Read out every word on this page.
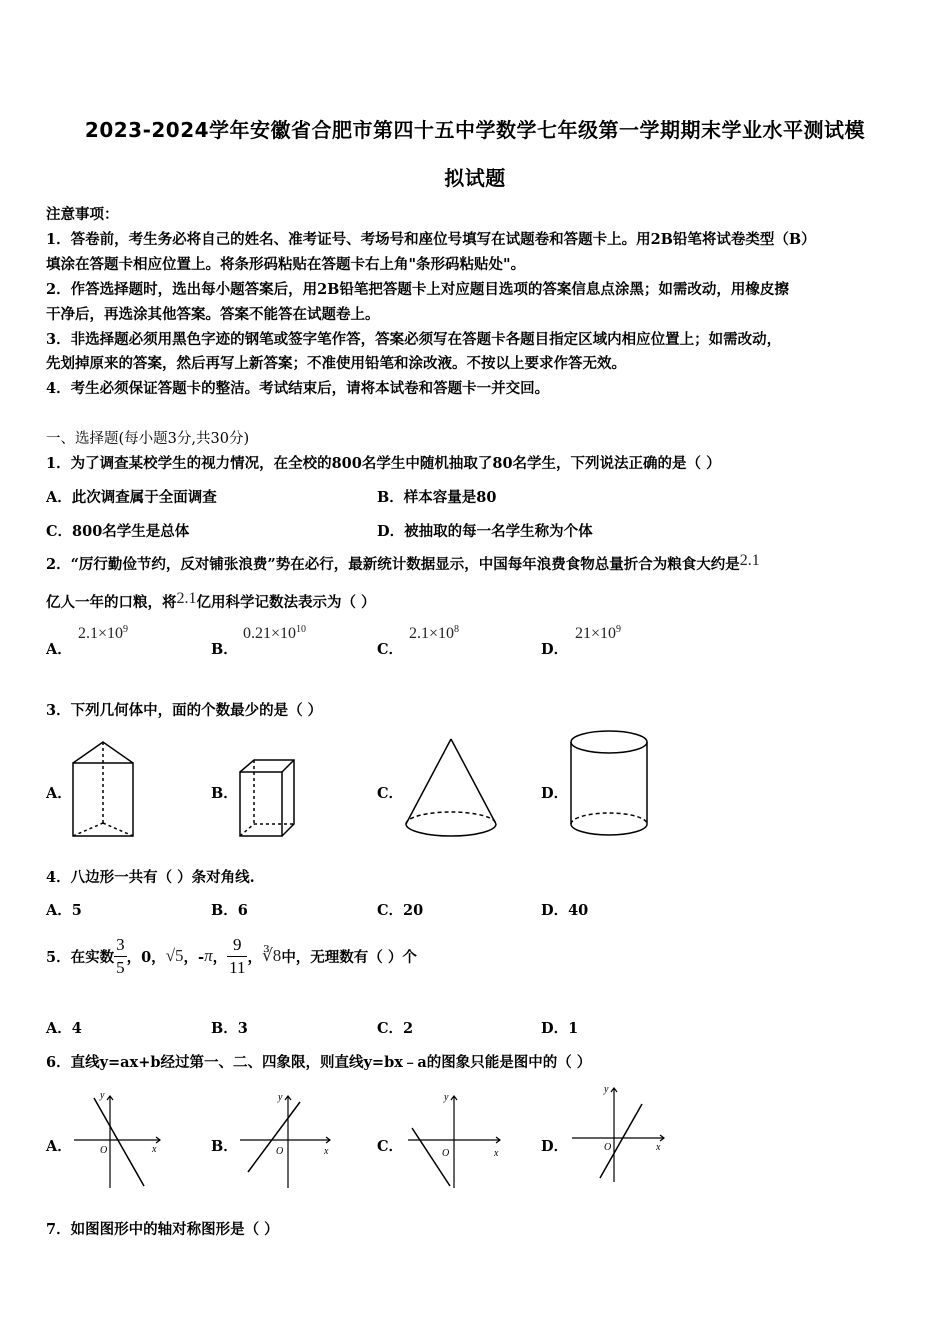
2023-2024学年安徽省合肥市第四十五中学数学七年级第一学期期末学业水平测试模
拟试题
注意事项：
1．答卷前，考生务必将自己的姓名、准考证号、考场号和座位号填写在试题卷和答题卡上。用2B铅笔将试卷类型（B）
填涂在答题卡相应位置上。将条形码粘贴在答题卡右上角"条形码粘贴处"。
2．作答选择题时，选出每小题答案后，用2B铅笔把答题卡上对应题目选项的答案信息点涂黑；如需改动，用橡皮擦
干净后，再选涂其他答案。答案不能答在试题卷上。
3．非选择题必须用黑色字迹的钢笔或签字笔作答，答案必须写在答题卡各题目指定区域内相应位置上；如需改动，
先划掉原来的答案，然后再写上新答案；不准使用铅笔和涂改液。不按以上要求作答无效。
4．考生必须保证答题卡的整洁。考试结束后，请将本试卷和答题卡一并交回。
一、选择题(每小题3分,共30分)
1．为了调查某校学生的视力情况，在全校的800名学生中随机抽取了80名学生，下列说法正确的是（ ）
A．此次调查属于全面调查	B．样本容量是80
C．800名学生是总体	D．被抽取的每一名学生称为个体
2．“厉行勤俭节约，反对铺张浪费”势在必行，最新统计数据显示，中国每年浪费食物总量折合为粮食大约是2.1
亿人一年的口粮，将2.1亿用科学记数法表示为（ ）
A．
$2.1\times 10^9$
B．
$0.21\times 10^{10}$
C．
$2.1\times 10^8$
D．
$21\times 10^9$
3．下列几何体中，面的个数最少的是（ ）
A．	B．	C．	D．
4．八边形一共有（ ）条对角线.
A．5	B．6	C．20	D．40
5．在实数 $\frac{3}{5}$ ，0， √5 ，- π ， $\frac{9}{11}$ ， ∛8 中，无理数有（ ）个
A．4	B．3	C．2	D．1
6．直线y=ax+b经过第一、二、四象限，则直线y=bx﹣a的图象只能是图中的（ ）
A．
y
x
O	B．
y
x
O	C．
y
x
O	D．
y
x
O
7．如图图形中的轴对称图形是（ ）
